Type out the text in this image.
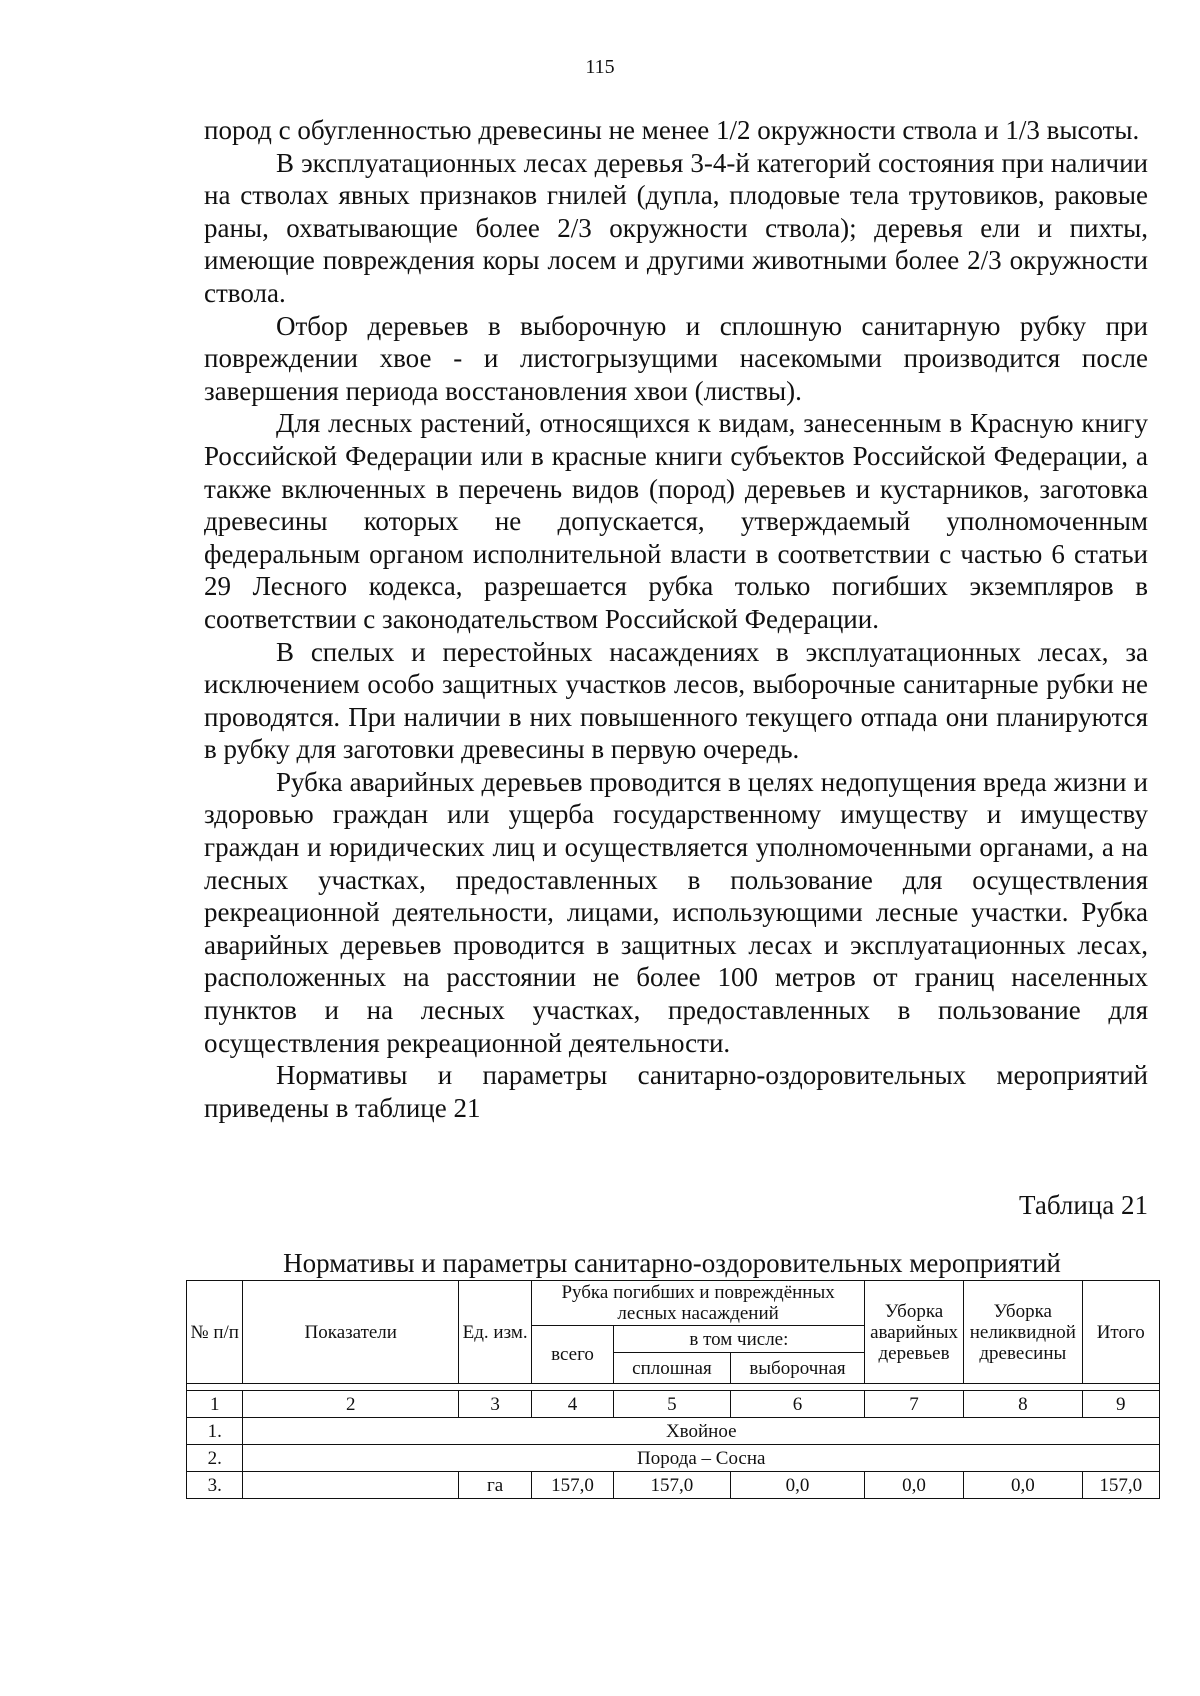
115

пород с обугленностью древесины не менее 1/2 окружности ствола и 1/3 высоты.

В эксплуатационных лесах деревья 3-4-й категорий состояния при наличии на стволах явных признаков гнилей (дупла, плодовые тела трутовиков, раковые раны, охватывающие более 2/3 окружности ствола); деревья ели и пихты, имеющие повреждения коры лосем и другими животными более 2/3 окружности ствола.

Отбор деревьев в выборочную и сплошную санитарную рубку при повреждении хвое - и листогрызущими насекомыми производится после завершения периода восстановления хвои (листвы).

Для лесных растений, относящихся к видам, занесенным в Красную книгу Российской Федерации или в красные книги субъектов Российской Федерации, а также включенных в перечень видов (пород) деревьев и кустарников, заготовка древесины которых не допускается, утверждаемый уполномоченным федеральным органом исполнительной власти в соответствии с частью 6 статьи 29 Лесного кодекса, разрешается рубка только погибших экземпляров в соответствии с законодательством Российской Федерации.

В спелых и перестойных насаждениях в эксплуатационных лесах, за исключением особо защитных участков лесов, выборочные санитарные рубки не проводятся. При наличии в них повышенного текущего отпада они планируются в рубку для заготовки древесины в первую очередь.

Рубка аварийных деревьев проводится в целях недопущения вреда жизни и здоровью граждан или ущерба государственному имуществу и имуществу граждан и юридических лиц и осуществляется уполномоченными органами, а на лесных участках, предоставленных в пользование для осуществления рекреационной деятельности, лицами, использующими лесные участки. Рубка аварийных деревьев проводится в защитных лесах и эксплуатационных лесах, расположенных на расстоянии не более 100 метров от границ населенных пунктов и на лесных участках, предоставленных в пользование для осуществления рекреационной деятельности.

Нормативы и параметры санитарно-оздоровительных мероприятий приведены в таблице 21

Таблица 21
Нормативы и параметры санитарно-оздоровительных мероприятий
№ п/п	Показатели	Ед. изм.	Рубка погибших и повреждённых лесных насаждений			Уборка аварийных деревьев	Уборка неликвидной древесины	Итого
			всего	в том числе:				
				сплошная	выборочная			

1	2	3	4	5	6	7	8	9
1.	Хвойное							
2.	Порода – Сосна							
3.		га	157,0	157,0	0,0	0,0	0,0	157,0
